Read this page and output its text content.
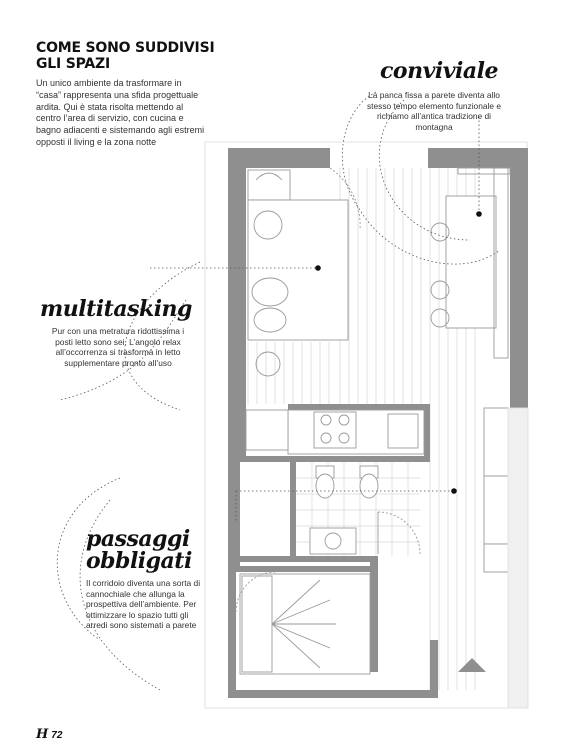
COME SONO SUDDIVISI GLI SPAZI
Un unico ambiente da trasformare in “casa” rappresenta una sfida progettuale ardita. Qui è stata risolta mettendo al centro l’area di servizio, con cucina e bagno adiacenti e sistemando agli estremi opposti il living e la zona notte
conviviale
La panca fissa a parete diventa allo stesso tempo elemento funzionale e richiamo all’antica tradizione di montagna
multitasking
Pur con una metratura ridottissima i posti letto sono sei. L’angolo relax all’occorrenza si trasforma in letto supplementare pronto all’uso
passaggi obbligati
Il corridoio diventa una sorta di cannochiale che allunga la prospettiva dell’ambiente. Per ottimizzare lo spazio tutti gli arredi sono sistemati a parete
H 72
